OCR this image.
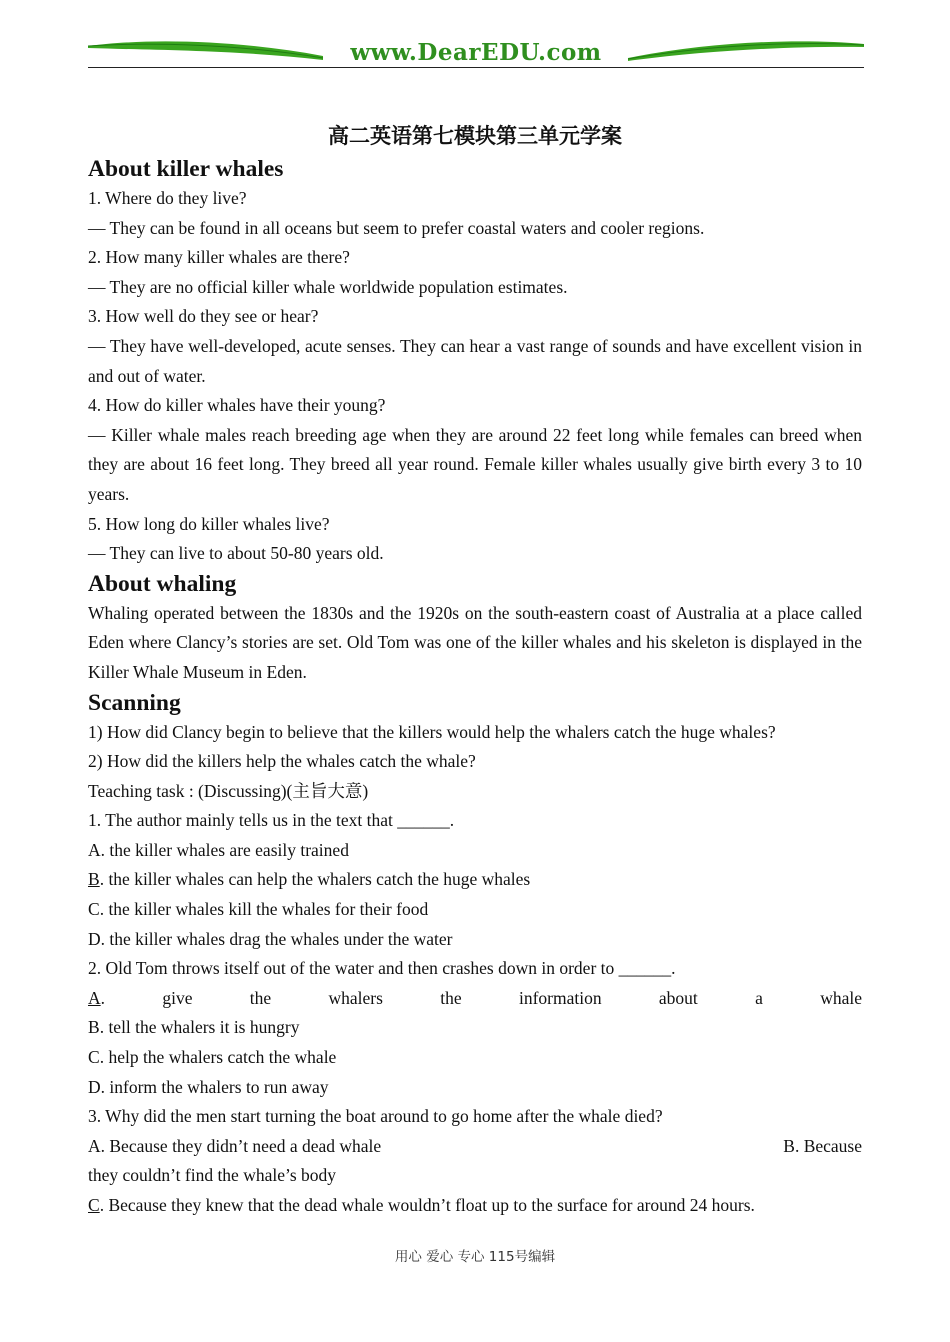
www.DearEDU.com
高二英语第七模块第三单元学案
About killer whales

1. Where do they live?

— They can be found in all oceans but seem to prefer coastal waters and cooler regions.

2. How many killer whales are there?

— They are no official killer whale worldwide population estimates.

3. How well do they see or hear?

— They have well-developed, acute senses. They can hear a vast range of sounds and have excellent vision in and out of water.

4. How do killer whales have their young?

— Killer whale males reach breeding age when they are around 22 feet long while females can breed when they are about 16 feet long. They breed all year round. Female killer whales usually give birth every 3 to 10 years.

5. How long do killer whales live?

— They can live to about 50-80 years old.

About whaling

Whaling operated between the 1830s and the 1920s on the south-eastern coast of Australia at a place called Eden where Clancy’s stories are set. Old Tom was one of the killer whales and his skeleton is displayed in the Killer Whale Museum in Eden.

Scanning

1) How did Clancy begin to believe that the killers would help the whalers catch the huge whales?

2) How did the killers help the whales catch the whale?

Teaching task : (Discussing)(主旨大意)

1. The author mainly tells us in the text that ______.

A. the killer whales are easily trained

B. the killer whales can help the whalers catch the huge whales

C. the killer whales kill the whales for their food

D. the killer whales drag the whales under the water

2. Old Tom throws itself out of the water and then crashes down in order to ______.

A. give the whalers the information about a whale

B. tell the whalers it is hungry

C. help the whalers catch the whale

D. inform the whalers to run away

3. Why did the men start turning the boat around to go home after the whale died?

A. Because they didn’t need a dead whale	B. Because

they couldn’t find the whale’s body

C. Because they knew that the dead whale wouldn’t float up to the surface for around 24 hours.

用心 爱心 专心 115号编辑
